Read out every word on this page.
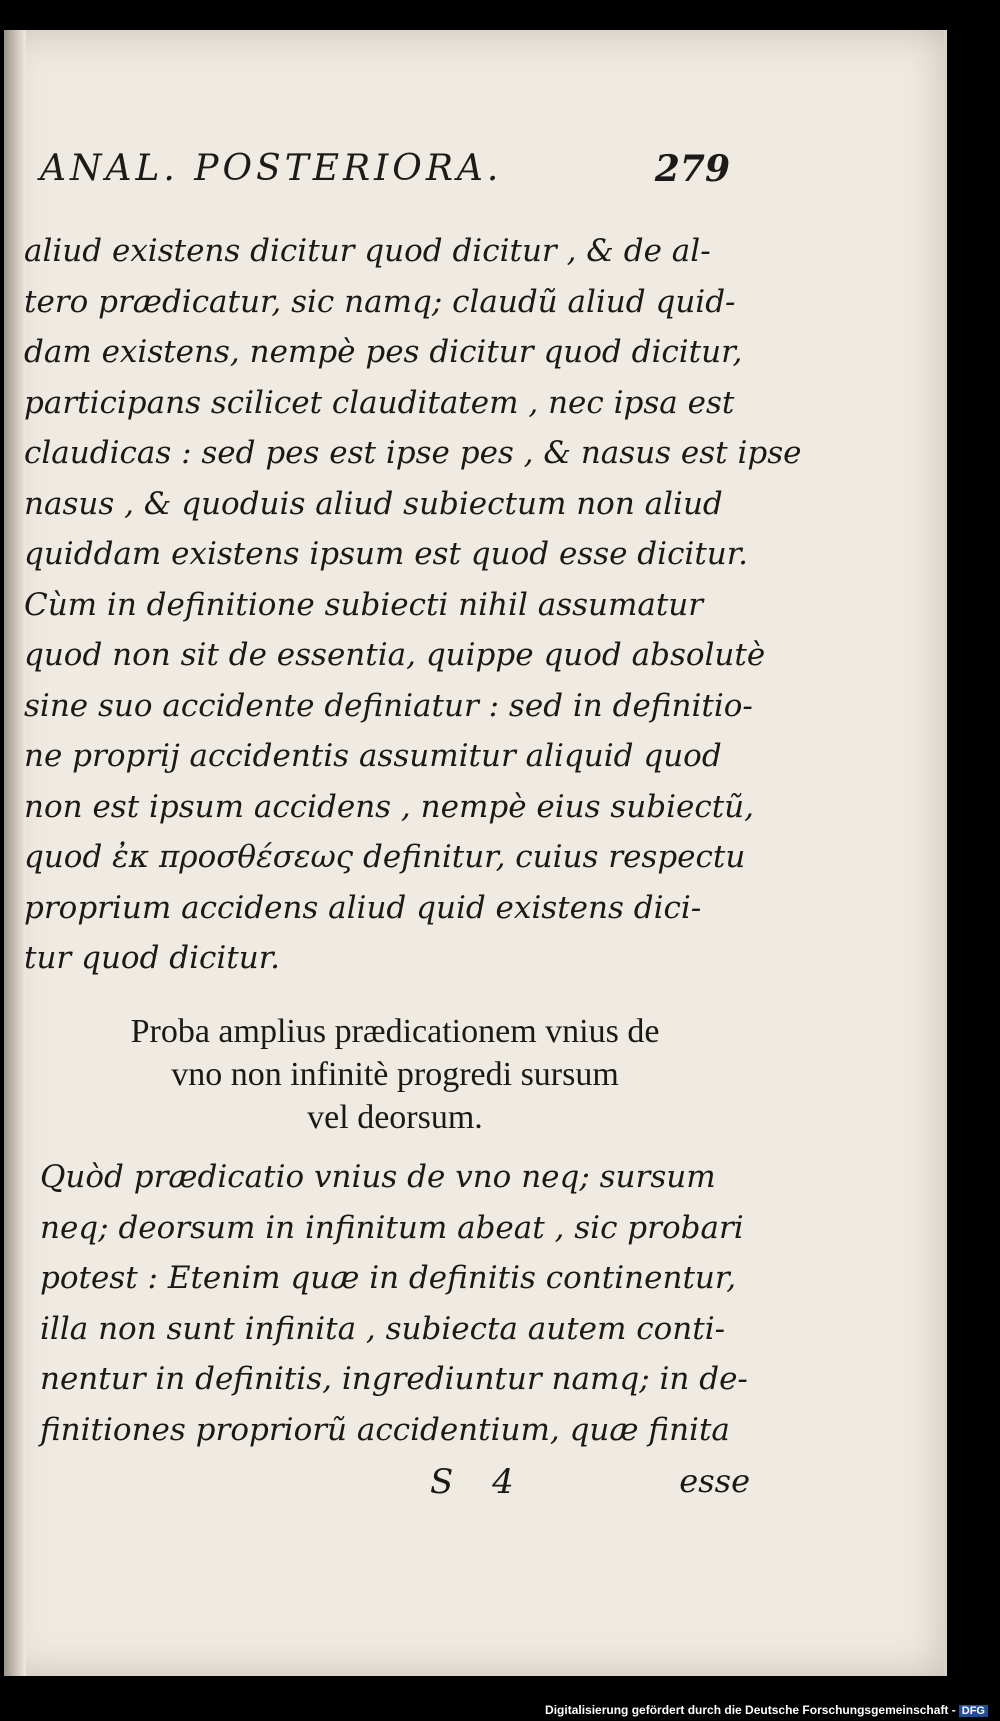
ANAL. POSTERIORA.	279
aliud existens dicitur quod dicitur , & de al-
tero prædicatur, sic namq; claudũ aliud quid-
dam existens, nempè pes dicitur quod dicitur,
participans scilicet clauditatem , nec ipsa est
claudicas : sed pes est ipse pes , & nasus est ipse
nasus , & quoduis aliud subiectum non aliud
quiddam existens ipsum est quod esse dicitur.
Cùm in definitione subiecti nihil assumatur
quod non sit de essentia, quippe quod absolutè
sine suo accidente definiatur : sed in definitio-
ne proprij accidentis assumitur aliquid quod
non est ipsum accidens , nempè eius subiectũ,
quod ἐκ προσθέσεως definitur, cuius respectu
proprium accidens aliud quid existens dici-
tur quod dicitur.
Proba amplius prædicationem vnius de
vno non infinitè progredi sursum
vel deorsum.
Quòd prædicatio vnius de vno neq; sursum
neq; deorsum in infinitum abeat , sic probari
potest : Etenim quæ in definitis continentur,
illa non sunt infinita , subiecta autem conti-
nentur in definitis, ingrediuntur namq; in de-
finitiones propriorũ accidentium, quæ finita
S 4	esse
Digitalisierung gefördert durch die Deutsche Forschungsgemeinschaft - DFG
